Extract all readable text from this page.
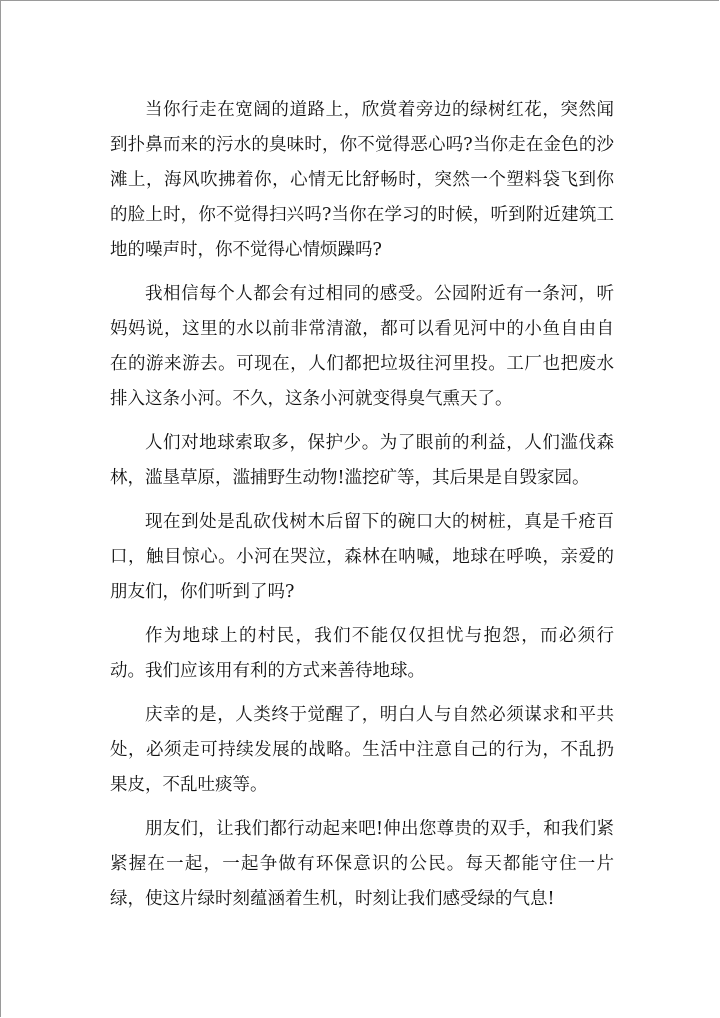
当你行走在宽阔的道路上，欣赏着旁边的绿树红花，突然闻到扑鼻而来的污水的臭味时，你不觉得恶心吗?当你走在金色的沙滩上，海风吹拂着你，心情无比舒畅时，突然一个塑料袋飞到你的脸上时，你不觉得扫兴吗?当你在学习的时候，听到附近建筑工地的噪声时，你不觉得心情烦躁吗?

我相信每个人都会有过相同的感受。公园附近有一条河，听妈妈说，这里的水以前非常清澈，都可以看见河中的小鱼自由自在的游来游去。可现在，人们都把垃圾往河里投。工厂也把废水排入这条小河。不久，这条小河就变得臭气熏天了。

人们对地球索取多，保护少。为了眼前的利益，人们滥伐森林，滥垦草原，滥捕野生动物!滥挖矿等，其后果是自毁家园。

现在到处是乱砍伐树木后留下的碗口大的树桩，真是千疮百口，触目惊心。小河在哭泣，森林在呐喊，地球在呼唤，亲爱的朋友们，你们听到了吗?

作为地球上的村民，我们不能仅仅担忧与抱怨，而必须行动。我们应该用有利的方式来善待地球。

庆幸的是，人类终于觉醒了，明白人与自然必须谋求和平共处，必须走可持续发展的战略。生活中注意自己的行为，不乱扔果皮，不乱吐痰等。

朋友们，让我们都行动起来吧!伸出您尊贵的双手，和我们紧紧握在一起，一起争做有环保意识的公民。每天都能守住一片绿，使这片绿时刻蕴涵着生机，时刻让我们感受绿的气息!
